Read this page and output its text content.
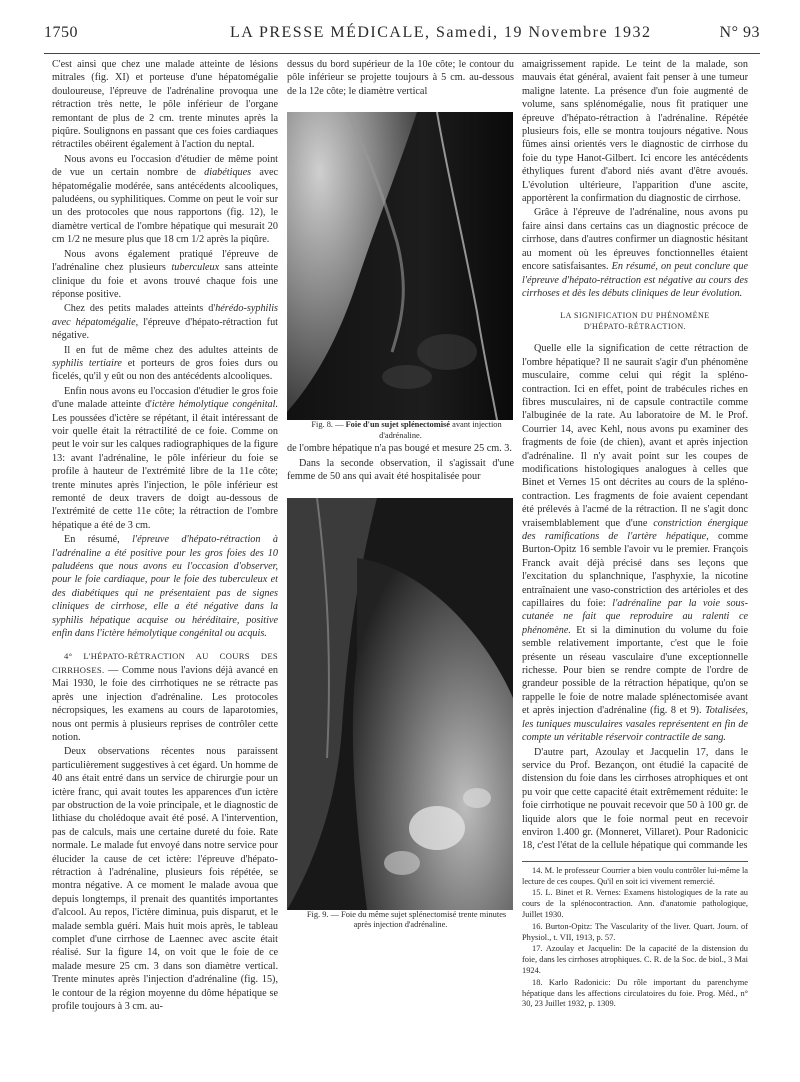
1750	LA PRESSE MÉDICALE, Samedi, 19 Novembre 1932	N° 93

C'est ainsi que chez une malade atteinte de lésions mitrales (fig. XI) et porteuse d'une hépatomégalie douloureuse, l'épreuve de l'adrénaline provoqua une rétraction très nette, le pôle inférieur de l'organe remontant de plus de 2 cm. trente minutes après la piqûre. Soulignons en passant que ces foies cardiaques rétractiles obéirent également à l'action du neptal.

Nous avons eu l'occasion d'étudier de même point de vue un certain nombre de diabétiques avec hépatomégalie modérée, sans antécédents alcooliques, paludéens, ou syphilitiques. Comme on peut le voir sur un des protocoles que nous rapportons (fig. 12), le diamètre vertical de l'ombre hépatique qui mesurait 20 cm 1/2 ne mesure plus que 18 cm 1/2 après la piqûre.

Nous avons également pratiqué l'épreuve de l'adrénaline chez plusieurs tuberculeux sans atteinte clinique du foie et avons trouvé chaque fois une réponse positive.

Chez des petits malades atteints d'hérédo-syphilis avec hépatomégalie, l'épreuve d'hépato-rétraction fut négative.

Il en fut de même chez des adultes atteints de syphilis tertiaire et porteurs de gros foies durs ou ficelés, qu'il y eût ou non des antécédents alcooliques.

Enfin nous avons eu l'occasion d'étudier le gros foie d'une malade atteinte d'ictère hémolytique congénital. Les poussées d'ictère se répétant, il était intéressant de voir quelle était la rétractilité de ce foie. Comme on peut le voir sur les calques radiographiques de la figure 13: avant l'adrénaline, le pôle inférieur du foie se profile à hauteur de l'extrémité libre de la 11e côte; trente minutes après l'injection, le pôle inférieur est remonté de deux travers de doigt au-dessous de l'extrémité de cette 11e côte; la rétraction de l'ombre hépatique a été de 3 cm.

En résumé, l'épreuve d'hépato-rétraction à l'adrénaline a été positive pour les gros foies des 10 paludéens que nous avons eu l'occasion d'observer, pour le foie cardiaque, pour le foie des tuberculeux et des diabétiques qui ne présentaient pas de signes cliniques de cirrhose, elle a été négative dans la syphilis hépatique acquise ou héréditaire, positive enfin dans l'ictère hémolytique congénital ou acquis.

4° L'HÉPATO-RÉTRACTION AU COURS DES CIRRHOSES. — Comme nous l'avions déjà avancé en Mai 1930, le foie des cirrhotiques ne se rétracte pas après une injection d'adrénaline. Les protocoles nécropsiques, les examens au cours de laparotomies, nous ont permis à plusieurs reprises de contrôler cette notion.

Deux observations récentes nous paraissent particulièrement suggestives à cet égard. Un homme de 40 ans était entré dans un service de chirurgie pour un ictère franc, qui avait toutes les apparences d'un ictère par obstruction de la voie principale, et le diagnostic de lithiase du cholédoque avait été posé. A l'intervention, pas de calculs, mais une certaine dureté du foie. Rate normale. Le malade fut envoyé dans notre service pour élucider la cause de cet ictère: l'épreuve d'hépato-rétraction à l'adrénaline, plusieurs fois répétée, se montra négative. A ce moment le malade avoua que depuis longtemps, il prenait des quantités importantes d'alcool. Au repos, l'ictère diminua, puis disparut, et le malade sembla guéri. Mais huit mois après, le tableau complet d'une cirrhose de Laennec avec ascite était réalisé. Sur la figure 14, on voit que le foie de ce malade mesure 25 cm. 3 dans son diamètre vertical. Trente minutes après l'injection d'adrénaline (fig. 15), le contour de la région moyenne du dôme hépatique se profile toujours à 3 cm. au-

dessus du bord supérieur de la 10e côte; le contour du pôle inférieur se projette toujours à 5 cm. au-dessous de la 12e côte; le diamètre vertical

Fig. 8. — Foie d'un sujet splénectomisé avant injection d'adrénaline.

de l'ombre hépatique n'a pas bougé et mesure 25 cm. 3.

Dans la seconde observation, il s'agissait d'une femme de 50 ans qui avait été hospitalisée pour

Fig. 9. — Foie du même sujet splénectomisé trente minutes après injection d'adrénaline.

amaigrissement rapide. Le teint de la malade, son mauvais état général, avaient fait penser à une tumeur maligne latente. La présence d'un foie augmenté de volume, sans splénomégalie, nous fit pratiquer une épreuve d'hépato-rétraction à l'adrénaline. Répétée plusieurs fois, elle se montra toujours négative. Nous fûmes ainsi orientés vers le diagnostic de cirrhose du foie du type Hanot-Gilbert. Ici encore les antécédents éthyliques furent d'abord niés avant d'être avoués. L'évolution ultérieure, l'apparition d'une ascite, apportèrent la confirmation du diagnostic de cirrhose.

Grâce à l'épreuve de l'adrénaline, nous avons pu faire ainsi dans certains cas un diagnostic précoce de cirrhose, dans d'autres confirmer un diagnostic hésitant au moment où les épreuves fonctionnelles étaient encore satisfaisantes. En résumé, on peut conclure que l'épreuve d'hépato-rétraction est négative au cours des cirrhoses et dès les débuts cliniques de leur évolution.

LA SIGNIFICATION DU PHÉNOMÈNE
D'HÉPATO-RÉTRACTION.

Quelle elle la signification de cette rétraction de l'ombre hépatique? Il ne saurait s'agir d'un phénomène musculaire, comme celui qui régit la spléno-contraction. Ici en effet, point de trabécules riches en fibres musculaires, ni de capsule contractile comme l'albuginée de la rate. Au laboratoire de M. le Prof. Courrier 14, avec Kehl, nous avons pu examiner des fragments de foie (de chien), avant et après injection d'adrénaline. Il n'y avait point sur les coupes de modifications histologiques analogues à celles que Binet et Vernes 15 ont décrites au cours de la spléno-contraction. Les fragments de foie avaient cependant été prélevés à l'acmé de la rétraction. Il ne s'agit donc vraisemblablement que d'une constriction énergique des ramifications de l'artère hépatique, comme Burton-Opitz 16 semble l'avoir vu le premier. François Franck avait déjà précisé dans ses leçons que l'excitation du splanchnique, l'asphyxie, la nicotine entraînaient une vaso-constriction des artérioles et des capillaires du foie: l'adrénaline par la voie sous-cutanée ne fait que reproduire au ralenti ce phénomène. Et si la diminution du volume du foie semble relativement importante, c'est que le foie présente un réseau vasculaire d'une exceptionnelle richesse. Pour bien se rendre compte de l'ordre de grandeur possible de la rétraction hépatique, qu'on se rappelle le foie de notre malade splénectomisée avant et après injection d'adrénaline (fig. 8 et 9). Totalisées, les tuniques musculaires vasales représentent en fin de compte un véritable réservoir contractile de sang.

D'autre part, Azoulay et Jacquelin 17, dans le service du Prof. Bezançon, ont étudié la capacité de distension du foie dans les cirrhoses atrophiques et ont pu voir que cette capacité était extrêmement réduite: le foie cirrhotique ne pouvait recevoir que 50 à 100 gr. de liquide alors que le foie normal peut en recevoir environ 1.400 gr. (Monneret, Villaret). Pour Radonicic 18, c'est l'état de la cellule hépatique qui commande les

14. M. le professeur Courrier a bien voulu contrôler lui-même la lecture de ces coupes. Qu'il en soit ici vivement remercié.

15. L. Binet et R. Vernes: Examens histologiques de la rate au cours de la splénocontraction. Ann. d'anatomie pathologique, Juillet 1930.

16. Burton-Opitz: The Vascularity of the liver. Quart. Journ. of Physiol., t. VII, 1913, p. 57.

17. Azoulay et Jacquelin: De la capacité de la distension du foie, dans les cirrhoses atrophiques. C. R. de la Soc. de biol., 3 Mai 1924.

18. Karlo Radonicic: Du rôle important du parenchyme hépatique dans les affections circulatoires du foie. Prog. Méd., n° 30, 23 Juillet 1932, p. 1309.
